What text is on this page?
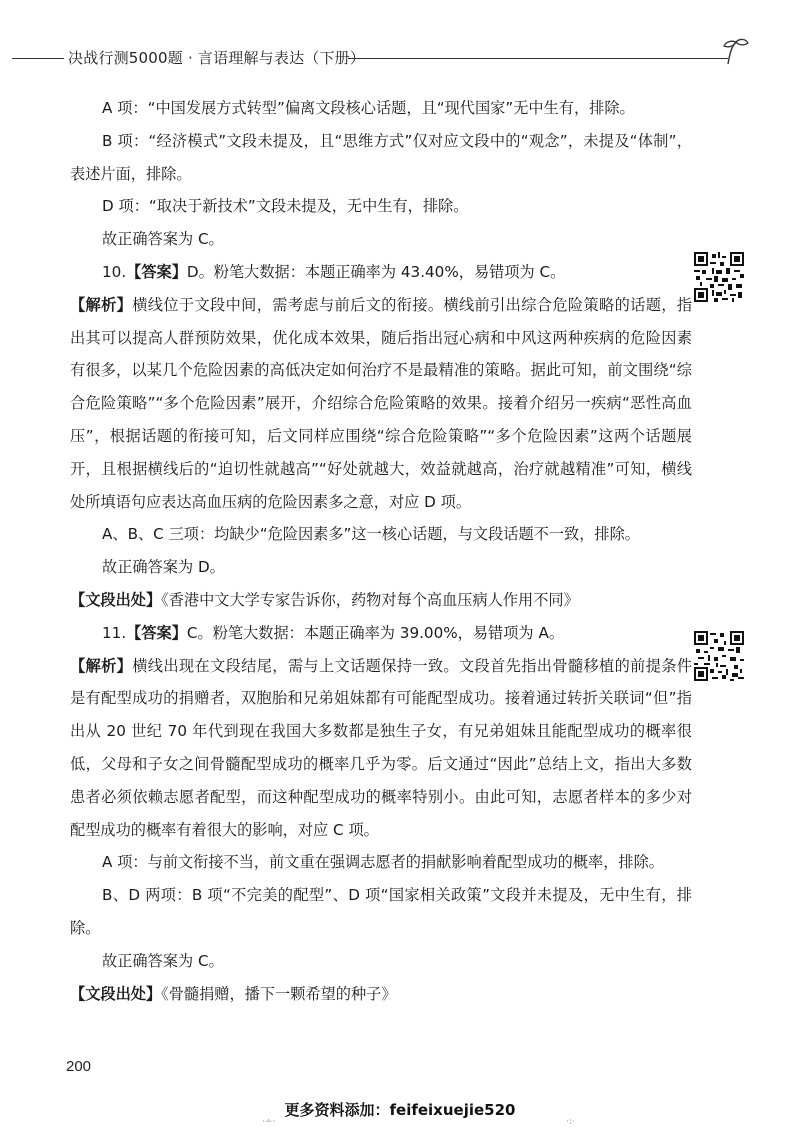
决战行测5000题 · 言语理解与表达（下册）

A 项：“中国发展方式转型”偏离文段核心话题，且“现代国家”无中生有，排除。

B 项：“经济模式”文段未提及，且“思维方式”仅对应文段中的“观念”，未提及“体制”，表述片面，排除。

D 项：“取决于新技术”文段未提及，无中生有，排除。

故正确答案为 C。

10.【答案】D。粉笔大数据：本题正确率为 43.40%，易错项为 C。

【解析】横线位于文段中间，需考虑与前后文的衔接。横线前引出综合危险策略的话题，指出其可以提高人群预防效果，优化成本效果，随后指出冠心病和中风这两种疾病的危险因素有很多，以某几个危险因素的高低决定如何治疗不是最精准的策略。据此可知，前文围绕“综合危险策略”“多个危险因素”展开，介绍综合危险策略的效果。接着介绍另一疾病“恶性高血压”，根据话题的衔接可知，后文同样应围绕“综合危险策略”“多个危险因素”这两个话题展开，且根据横线后的“迫切性就越高”“好处就越大，效益就越高，治疗就越精准”可知，横线处所填语句应表达高血压病的危险因素多之意，对应 D 项。

A、B、C 三项：均缺少“危险因素多”这一核心话题，与文段话题不一致，排除。

故正确答案为 D。

【文段出处】《香港中文大学专家告诉你，药物对每个高血压病人作用不同》

11.【答案】C。粉笔大数据：本题正确率为 39.00%，易错项为 A。

【解析】横线出现在文段结尾，需与上文话题保持一致。文段首先指出骨髓移植的前提条件是有配型成功的捐赠者，双胞胎和兄弟姐妹都有可能配型成功。接着通过转折关联词“但”指出从 20 世纪 70 年代到现在我国大多数都是独生子女，有兄弟姐妹且能配型成功的概率很低，父母和子女之间骨髓配型成功的概率几乎为零。后文通过“因此”总结上文，指出大多数患者必须依赖志愿者配型，而这种配型成功的概率特别小。由此可知，志愿者样本的多少对配型成功的概率有着很大的影响，对应 C 项。

A 项：与前文衔接不当，前文重在强调志愿者的捐献影响着配型成功的概率，排除。

B、D 两项：B 项“不完美的配型”、D 项“国家相关政策”文段并未提及，无中生有，排除。

故正确答案为 C。

【文段出处】《骨髓捐赠，播下一颗希望的种子》

200
更多资料添加：feifeixuejie520
·∸·	·:·
